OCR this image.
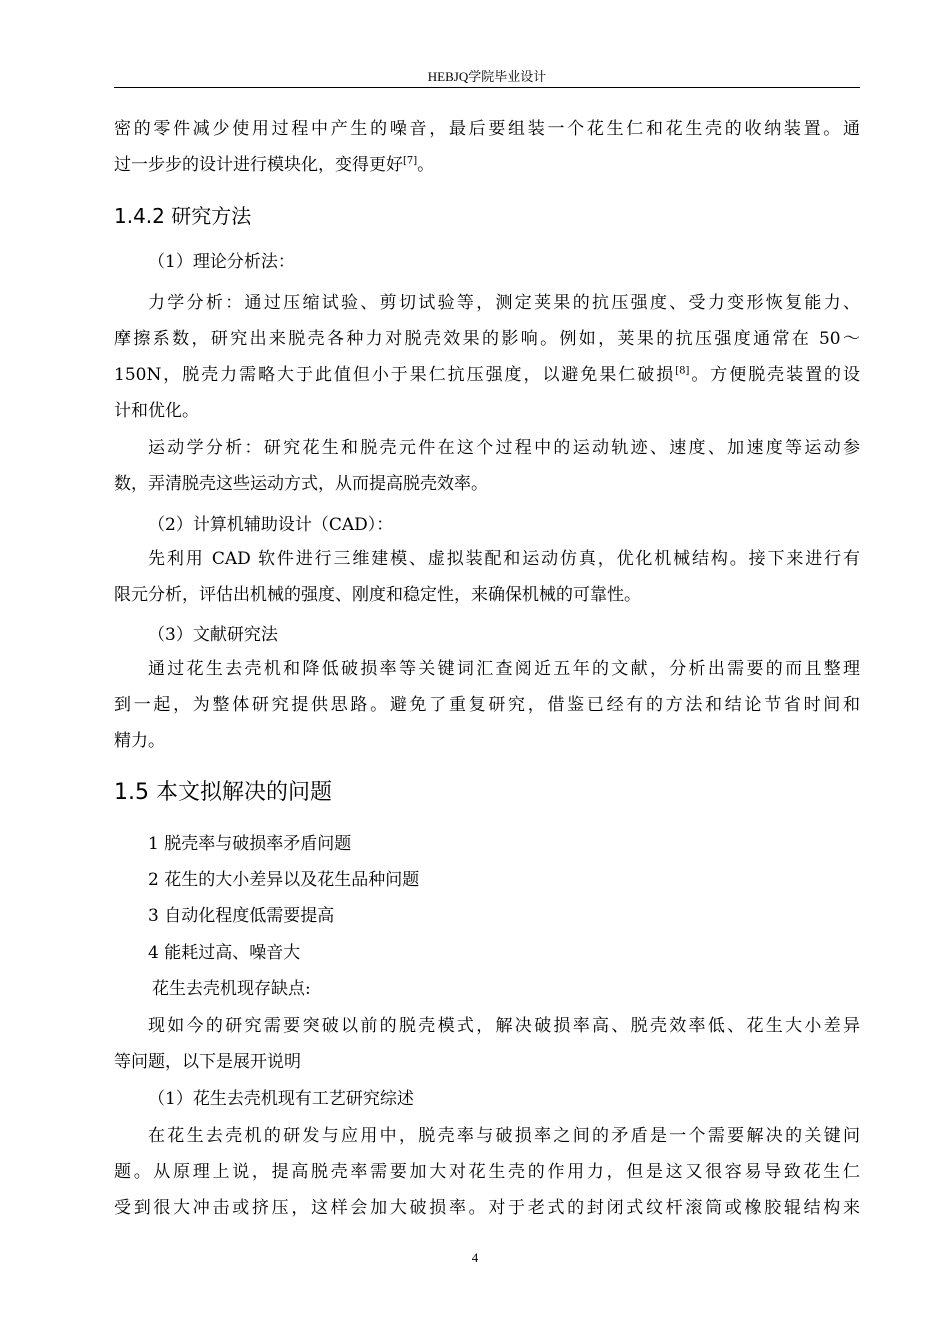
HEBJQ学院毕业设计
密的零件减少使用过程中产生的噪音，最后要组装一个花生仁和花生壳的收纳装置。通
过一步步的设计进行模块化，变得更好[7]。
1.4.2 研究方法
（1）理论分析法：
力学分析：通过压缩试验、剪切试验等，测定荚果的抗压强度、受力变形恢复能力、
摩擦系数，研究出来脱壳各种力对脱壳效果的影响。例如，荚果的抗压强度通常在 50～
150N，脱壳力需略大于此值但小于果仁抗压强度，以避免果仁破损[8]。方便脱壳装置的设
计和优化。
运动学分析：研究花生和脱壳元件在这个过程中的运动轨迹、速度、加速度等运动参
数，弄清脱壳这些运动方式，从而提高脱壳效率。
（2）计算机辅助设计（CAD）：
先利用 CAD 软件进行三维建模、虚拟装配和运动仿真，优化机械结构。接下来进行有
限元分析，评估出机械的强度、刚度和稳定性，来确保机械的可靠性。
（3）文献研究法
通过花生去壳机和降低破损率等关键词汇查阅近五年的文献，分析出需要的而且整理
到一起，为整体研究提供思路。避免了重复研究，借鉴已经有的方法和结论节省时间和
精力。
1.5 本文拟解决的问题
1 脱壳率与破损率矛盾问题
2 花生的大小差异以及花生品种问题
3 自动化程度低需要提高
4 能耗过高、噪音大
花生去壳机现存缺点:
现如今的研究需要突破以前的脱壳模式，解决破损率高、脱壳效率低、花生大小差异
等问题，以下是展开说明
（1）花生去壳机现有工艺研究综述
在花生去壳机的研发与应用中，脱壳率与破损率之间的矛盾是一个需要解决的关键问
题。从原理上说，提高脱壳率需要加大对花生壳的作用力，但是这又很容易导致花生仁
受到很大冲击或挤压，这样会加大破损率。对于老式的封闭式纹杆滚筒或橡胶辊结构来
4
